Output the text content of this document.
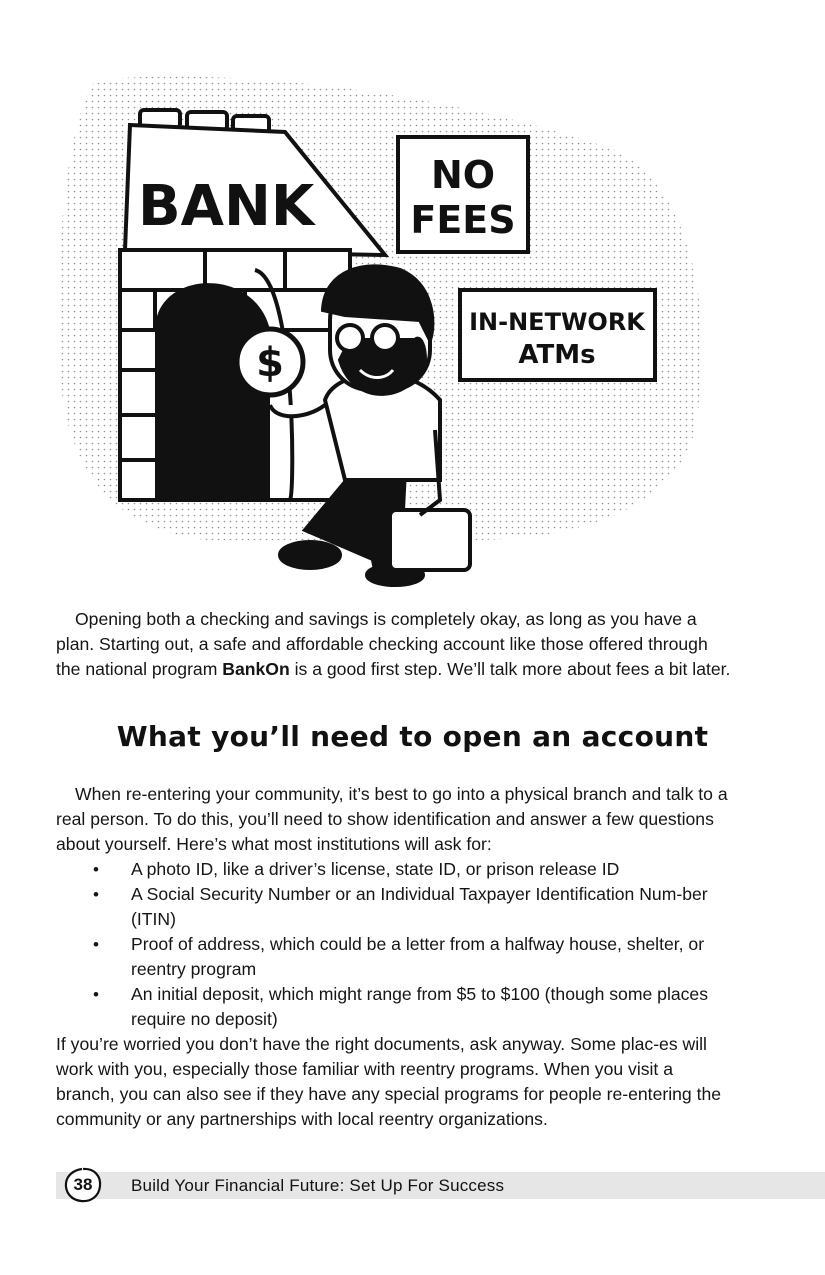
BANK	NO
FEES
IN-NETWORK
ATMs
$
Opening both a checking and savings is completely okay, as long as you have a plan. Starting out, a safe and affordable checking account like those offered through the national program BankOn is a good first step. We’ll talk more about fees a bit later.
What you’ll need to open an account
When re-entering your community, it’s best to go into a physical branch and talk to a real person. To do this, you’ll need to show identification and answer a few questions about yourself. Here’s what most institutions will ask for:
• A photo ID, like a driver’s license, state ID, or prison release ID
• A Social Security Number or an Individual Taxpayer Identification Num-ber (ITIN)
• Proof of address, which could be a letter from a halfway house, shelter, or reentry program
• An initial deposit, which might range from $5 to $100 (though some places require no deposit)
If you’re worried you don’t have the right documents, ask anyway. Some plac-es will work with you, especially those familiar with reentry programs. When you visit a branch, you can also see if they have any special programs for people re-entering the community or any partnerships with local reentry organizations.
38	Build Your Financial Future: Set Up For Success
